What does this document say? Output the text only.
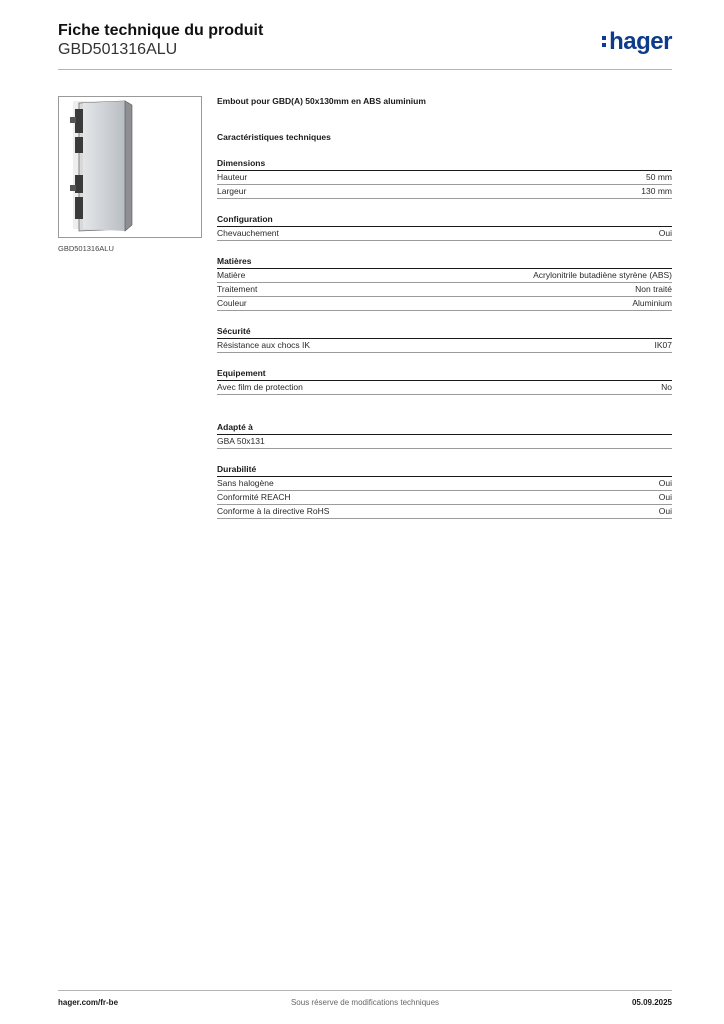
Fiche technique du produit
GBD501316ALU	hager
GBD501316ALU
Embout pour GBD(A) 50x130mm en ABS aluminium
Caractéristiques techniques
Dimensions
Hauteur	50 mm
Largeur	130 mm
Configuration
Chevauchement	Oui
Matières
Matière	Acrylonitrile butadiène styrène (ABS)
Traitement	Non traité
Couleur	Aluminium
Sécurité
Résistance aux chocs IK	IK07
Equipement
Avec film de protection	No
Adapté à
GBA 50x131
Durabilité
Sans halogène	Oui
Conformité REACH	Oui
Conforme à la directive RoHS	Oui
hager.com/fr-be	Sous réserve de modifications techniques	05.09.2025
